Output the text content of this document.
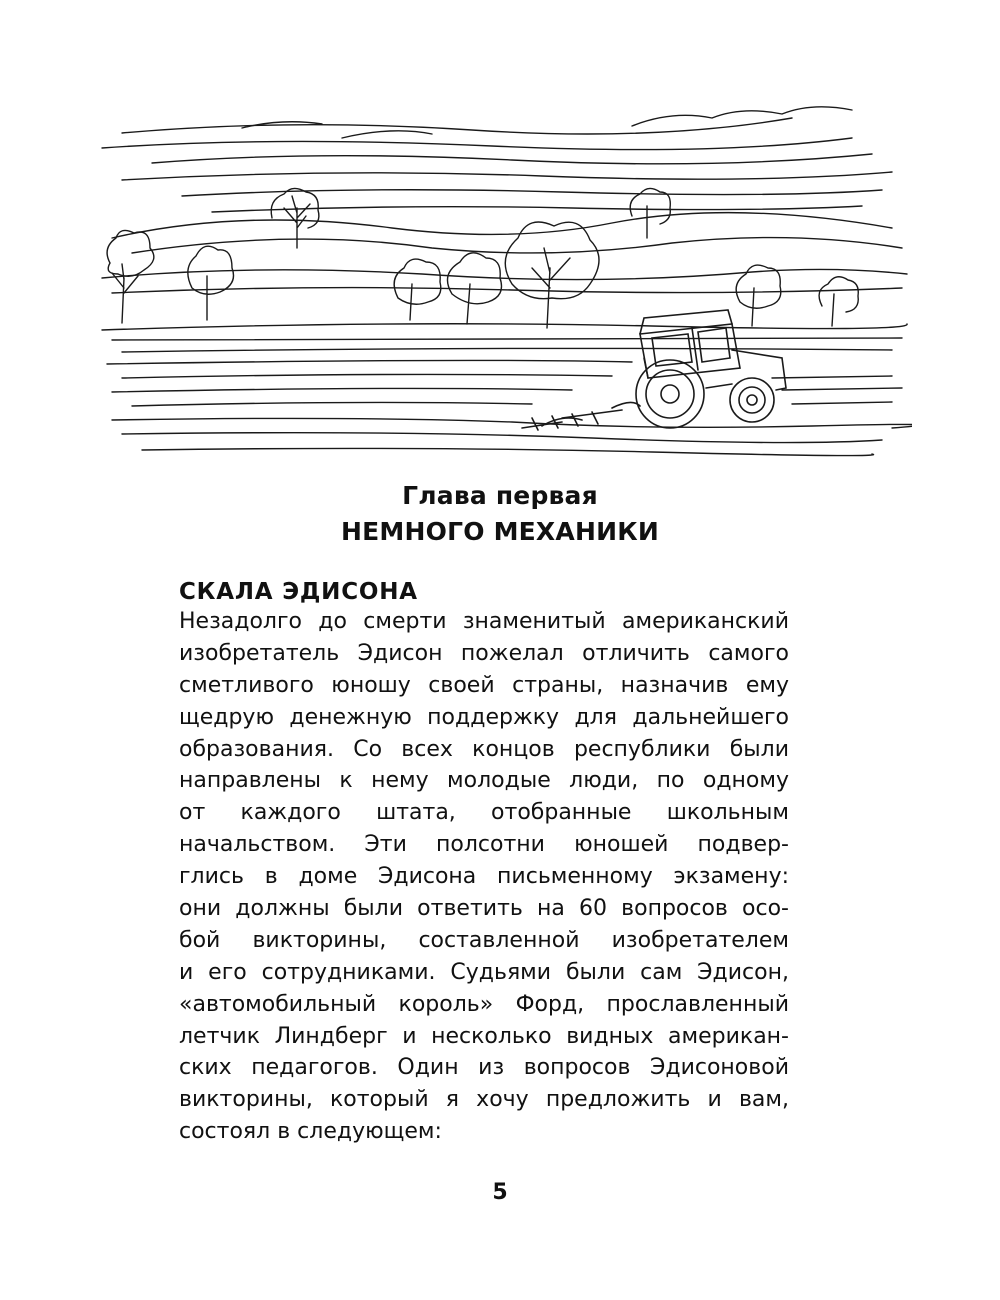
Глава первая
НЕМНОГО МЕХАНИКИ
СКАЛА ЭДИСОНА
Незадолго до смерти знаменитый американский
изобретатель Эдисон пожелал отличить самого
сметливого юношу своей страны, назначив ему
щедрую денежную поддержку для дальнейшего
образования. Со всех концов республики были
направлены к нему молодые люди, по одному
от каждого штата, отобранные школьным
начальством. Эти полсотни юношей подвер-
глись в доме Эдисона письменному экзамену:
они должны были ответить на 60 вопросов осо-
бой викторины, составленной изобретателем
и его сотрудниками. Судьями были сам Эдисон,
«автомобильный король» Форд, прославленный
летчик Линдберг и несколько видных американ-
ских педагогов. Один из вопросов Эдисоновой
викторины, который я хочу предложить и вам,
состоял в следующем:
5
